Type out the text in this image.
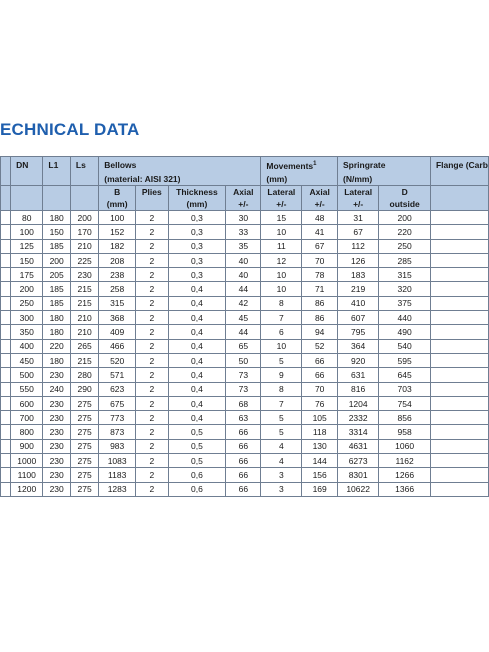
ECHNICAL DATA
	DN	L1	Ls	Bellows				Movements$^1$		Springrate		Flange (Carb
				(material: AISI 321)				(mm)		(N/mm)		
				B	Plies	Thickness	Axial	Lateral	Axial	Lateral	D	
				(mm)		(mm)	+/-	+/-	+/-	+/-	outside	
	80	180	200	100	2	0,3	30	15	48	31	200	
	100	150	170	152	2	0,3	33	10	41	67	220	
	125	185	210	182	2	0,3	35	11	67	112	250	
	150	200	225	208	2	0,3	40	12	70	126	285	
	175	205	230	238	2	0,3	40	10	78	183	315	
	200	185	215	258	2	0,4	44	10	71	219	320	
	250	185	215	315	2	0,4	42	8	86	410	375	
	300	180	210	368	2	0,4	45	7	86	607	440	
	350	180	210	409	2	0,4	44	6	94	795	490	
	400	220	265	466	2	0,4	65	10	52	364	540	
	450	180	215	520	2	0,4	50	5	66	920	595	
	500	230	280	571	2	0,4	73	9	66	631	645	
	550	240	290	623	2	0,4	73	8	70	816	703	
	600	230	275	675	2	0,4	68	7	76	1204	754	
	700	230	275	773	2	0,4	63	5	105	2332	856	
	800	230	275	873	2	0,5	66	5	118	3314	958	
	900	230	275	983	2	0,5	66	4	130	4631	1060	
	1000	230	275	1083	2	0,5	66	4	144	6273	1162	
	1100	230	275	1183	2	0,6	66	3	156	8301	1266	
	1200	230	275	1283	2	0,6	66	3	169	10622	1366	
